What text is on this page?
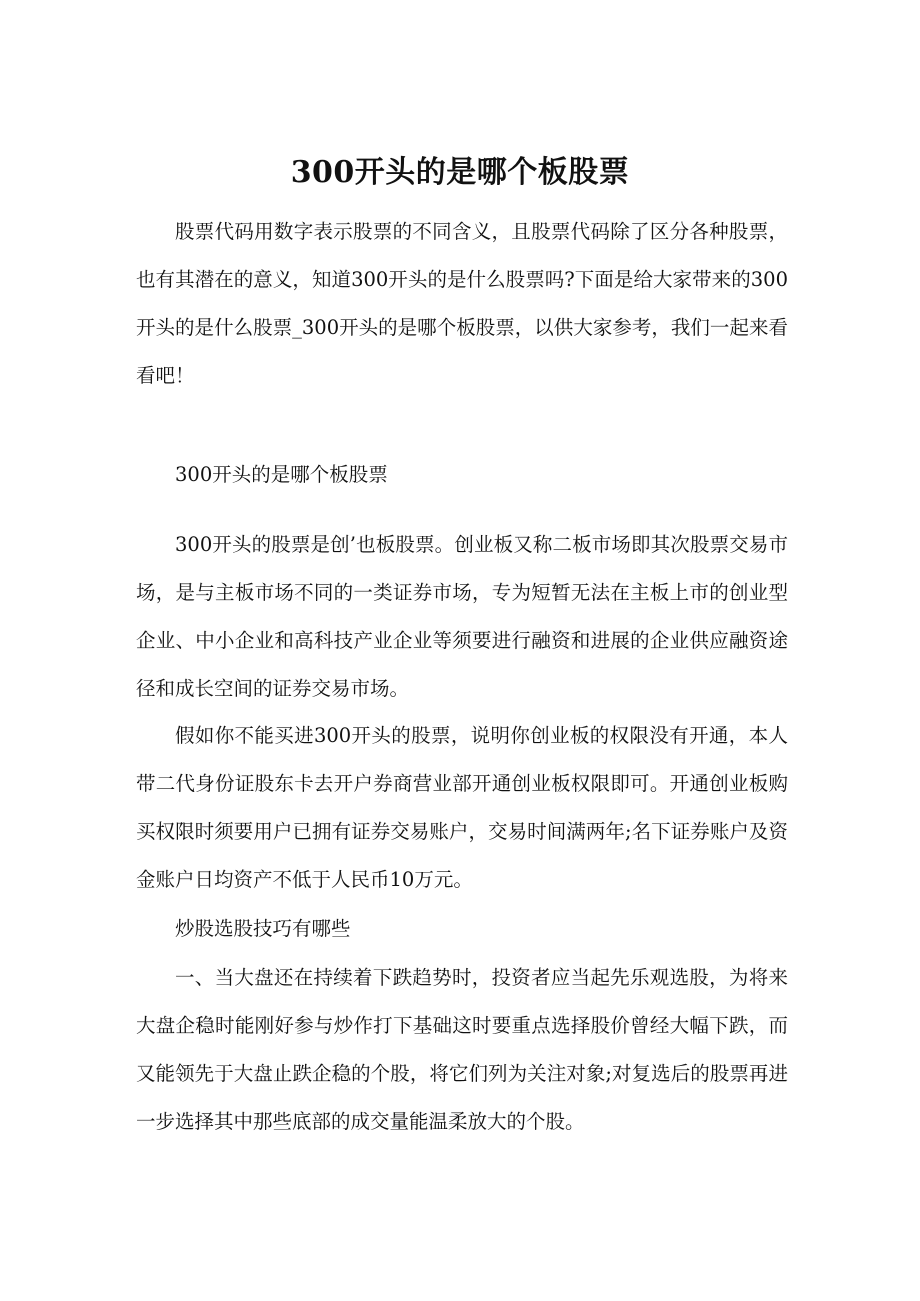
300开头的是哪个板股票

股票代码用数字表示股票的不同含义，且股票代码除了区分各种股票，也有其潜在的意义，知道300开头的是什么股票吗?下面是给大家带来的300开头的是什么股票_300开头的是哪个板股票，以供大家参考，我们一起来看看吧！

300开头的是哪个板股票

300开头的股票是创’也板股票。创业板又称二板市场即其次股票交易市场，是与主板市场不同的一类证券市场，专为短暂无法在主板上市的创业型企业、中小企业和高科技产业企业等须要进行融资和进展的企业供应融资途径和成长空间的证券交易市场。

假如你不能买进300开头的股票，说明你创业板的权限没有开通，本人带二代身份证股东卡去开户券商营业部开通创业板权限即可。开通创业板购买权限时须要用户已拥有证券交易账户，交易时间满两年;名下证券账户及资金账户日均资产不低于人民币10万元。

炒股选股技巧有哪些

一、当大盘还在持续着下跌趋势时，投资者应当起先乐观选股，为将来大盘企稳时能刚好参与炒作打下基础这时要重点选择股价曾经大幅下跌，而又能领先于大盘止跌企稳的个股，将它们列为关注对象;对复选后的股票再进一步选择其中那些底部的成交量能温柔放大的个股。
